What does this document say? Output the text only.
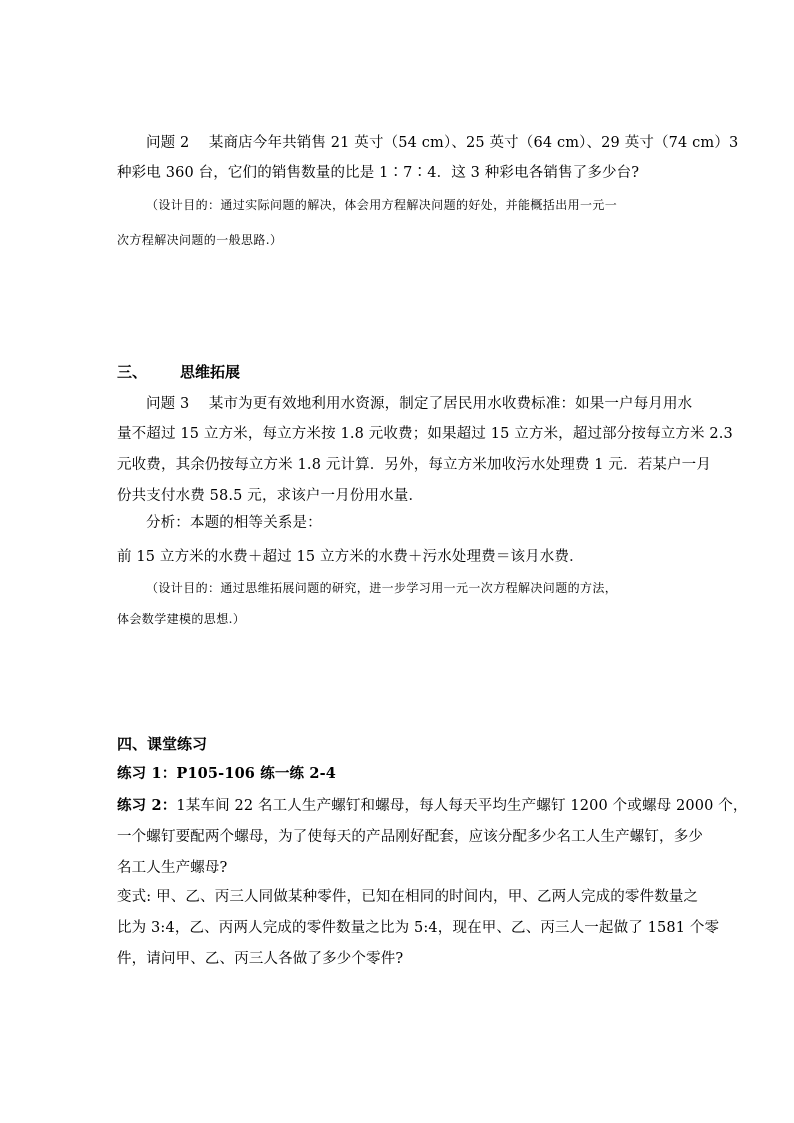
问题 2　 某商店今年共销售 21 英寸（54 cm）、25 英寸（64 cm）、29 英寸（74 cm）3
种彩电 360 台，它们的销售数量的比是 1∶7∶4．这 3 种彩电各销售了多少台?
（设计目的：通过实际问题的解决，体会用方程解决问题的好处，并能概括出用一元一
次方程解决问题的一般思路.）
三、 思维拓展
问题 3　 某市为更有效地利用水资源，制定了居民用水收费标准：如果一户每月用水
量不超过 15 立方米，每立方米按 1.8 元收费；如果超过 15 立方米，超过部分按每立方米 2.3
元收费，其余仍按每立方米 1.8 元计算．另外，每立方米加收污水处理费 1 元．若某户一月
份共支付水费 58.5 元，求该户一月份用水量．
分析：本题的相等关系是：
前 15 立方米的水费＋超过 15 立方米的水费＋污水处理费＝该月水费．
（设计目的：通过思维拓展问题的研究，进一步学习用一元一次方程解决问题的方法，
体会数学建模的思想.）
四、课堂练习
练习 1：P105-106 练一练 2-4
练习 2：1某车间 22 名工人生产螺钉和螺母，每人每天平均生产螺钉 1200 个或螺母 2000 个，
一个螺钉要配两个螺母，为了使每天的产品刚好配套，应该分配多少名工人生产螺钉，多少
名工人生产螺母?
变式: 甲、乙、丙三人同做某种零件，已知在相同的时间内，甲、乙两人完成的零件数量之
比为 3:4，乙、丙两人完成的零件数量之比为 5:4，现在甲、乙、丙三人一起做了 1581 个零
件，请问甲、乙、丙三人各做了多少个零件?
